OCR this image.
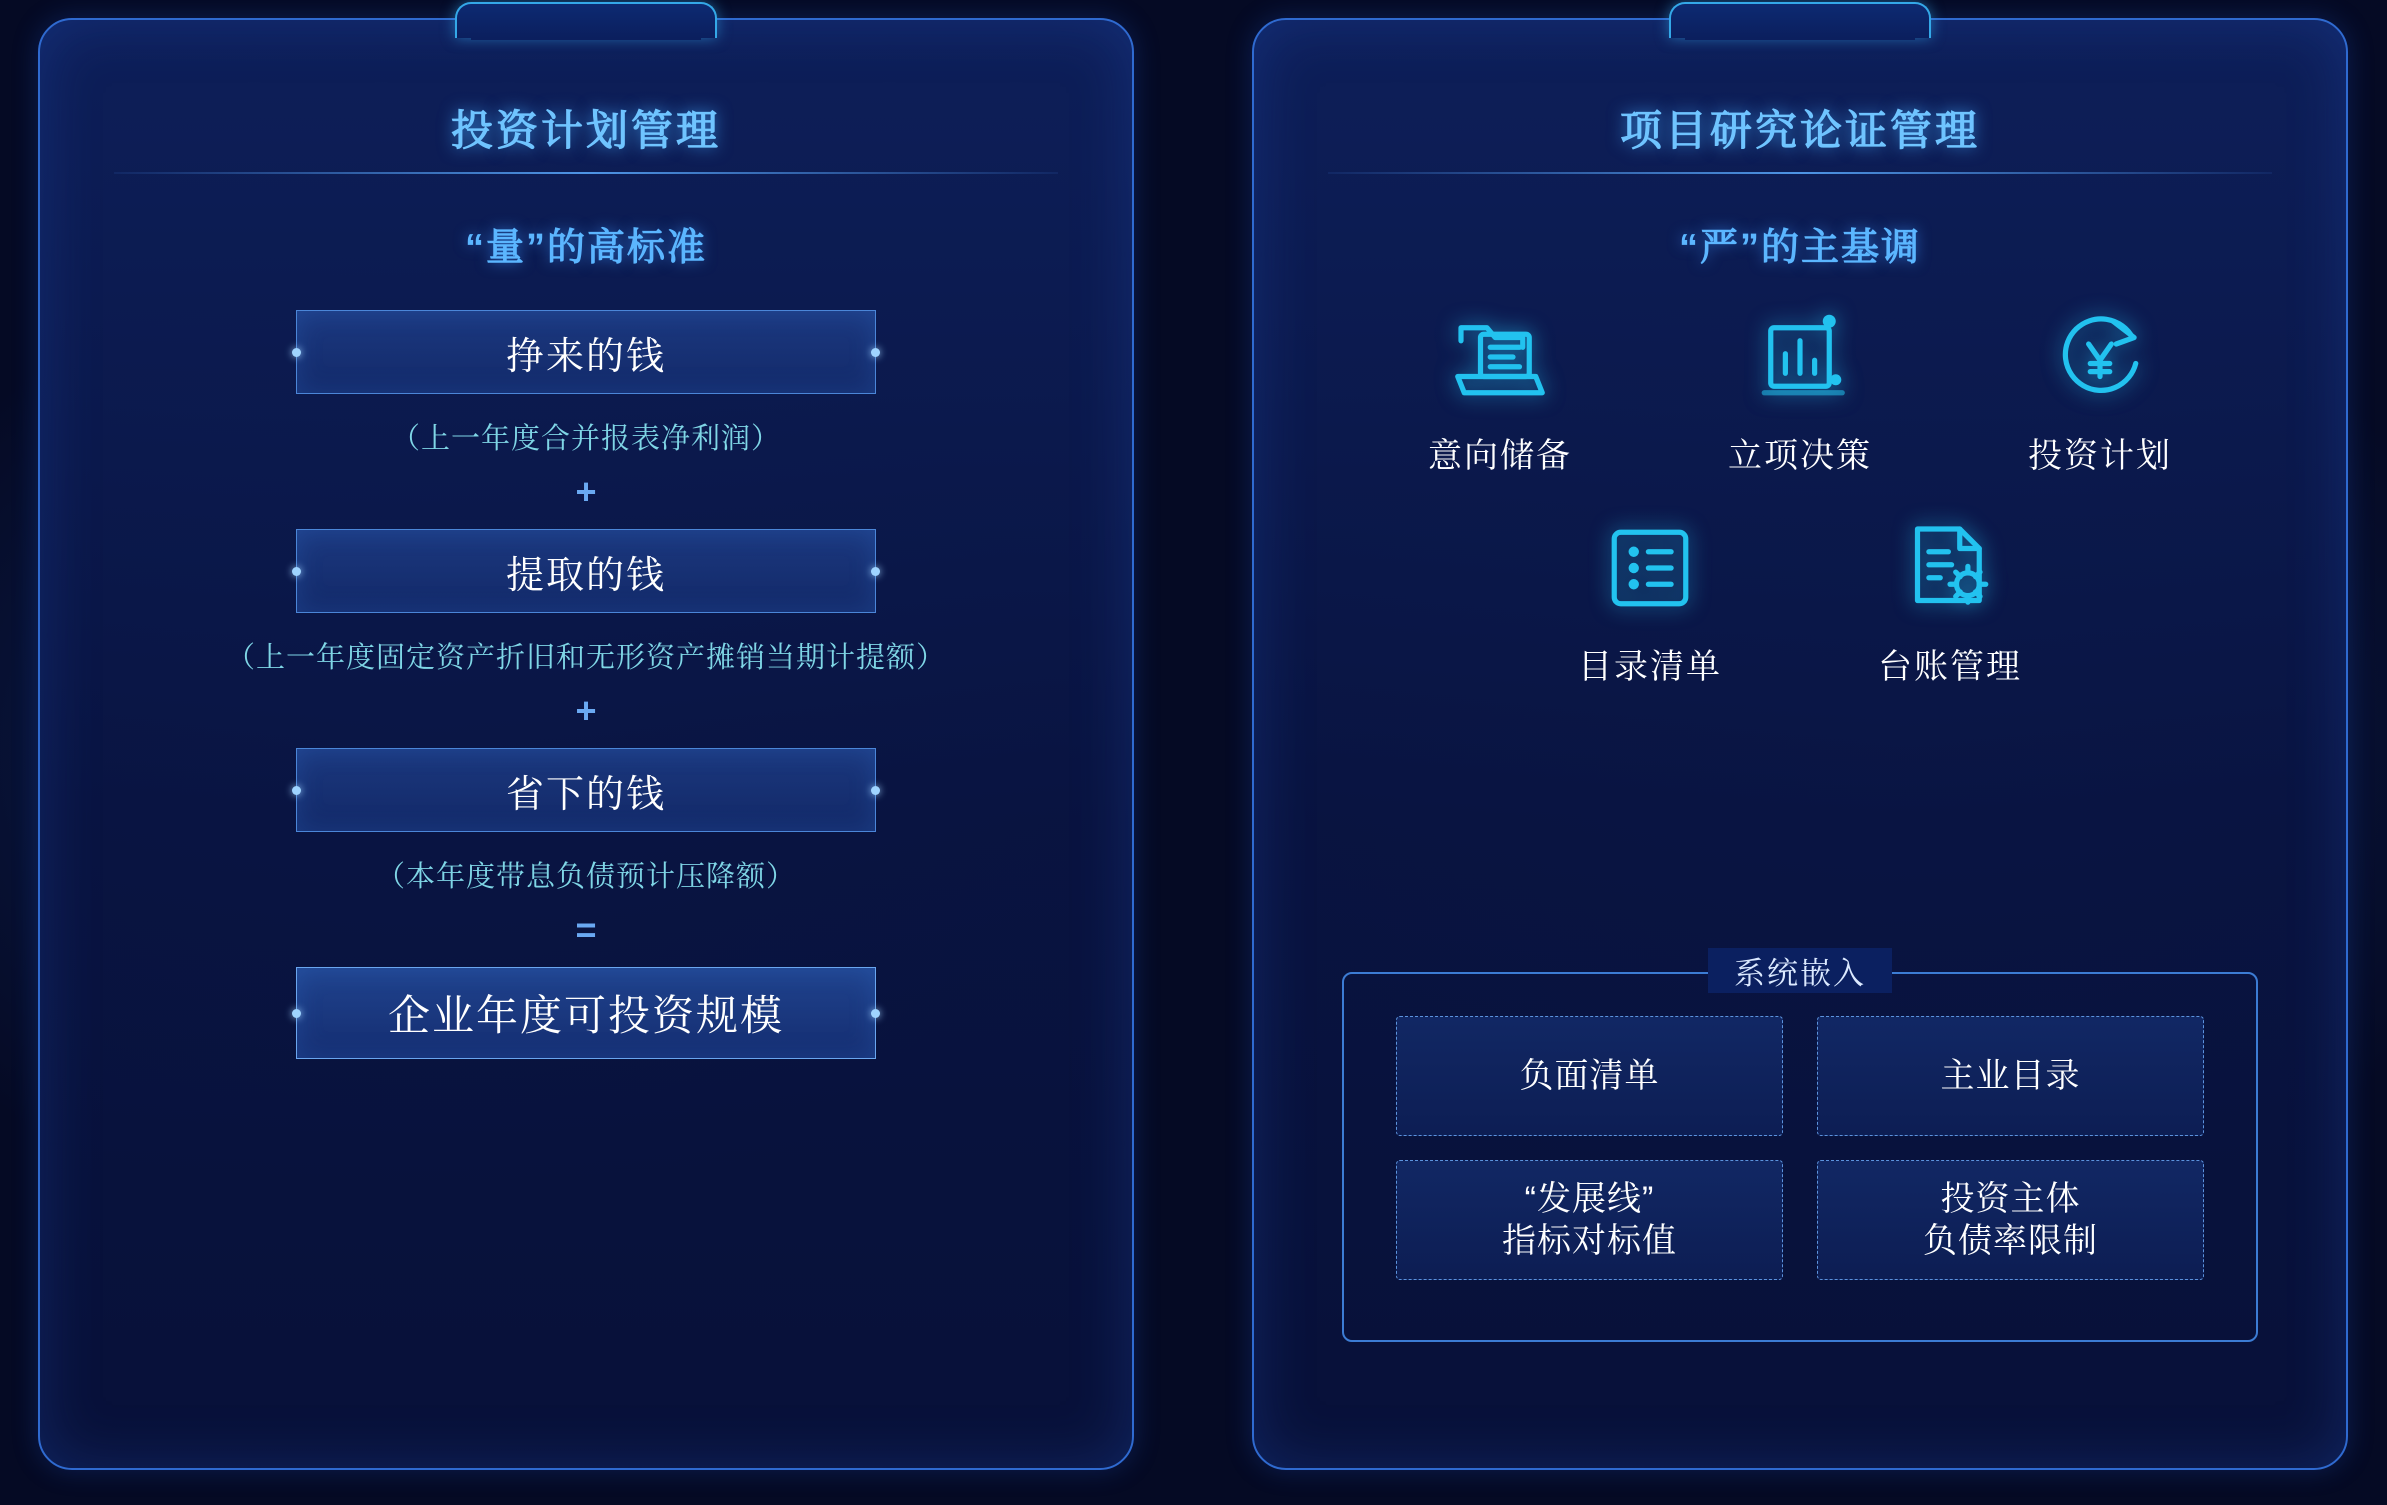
投资计划管理
“量”的高标准
挣来的钱
（上一年度合并报表净利润）
+
提取的钱
（上一年度固定资产折旧和无形资产摊销当期计提额）
+
省下的钱
（本年度带息负债预计压降额）
=
企业年度可投资规模
项目研究论证管理
“严”的主基调
意向储备	立项决策	投资计划
目录清单	台账管理
系统嵌入
负面清单	主业目录
“发展线”
指标对标值
投资主体
负债率限制
